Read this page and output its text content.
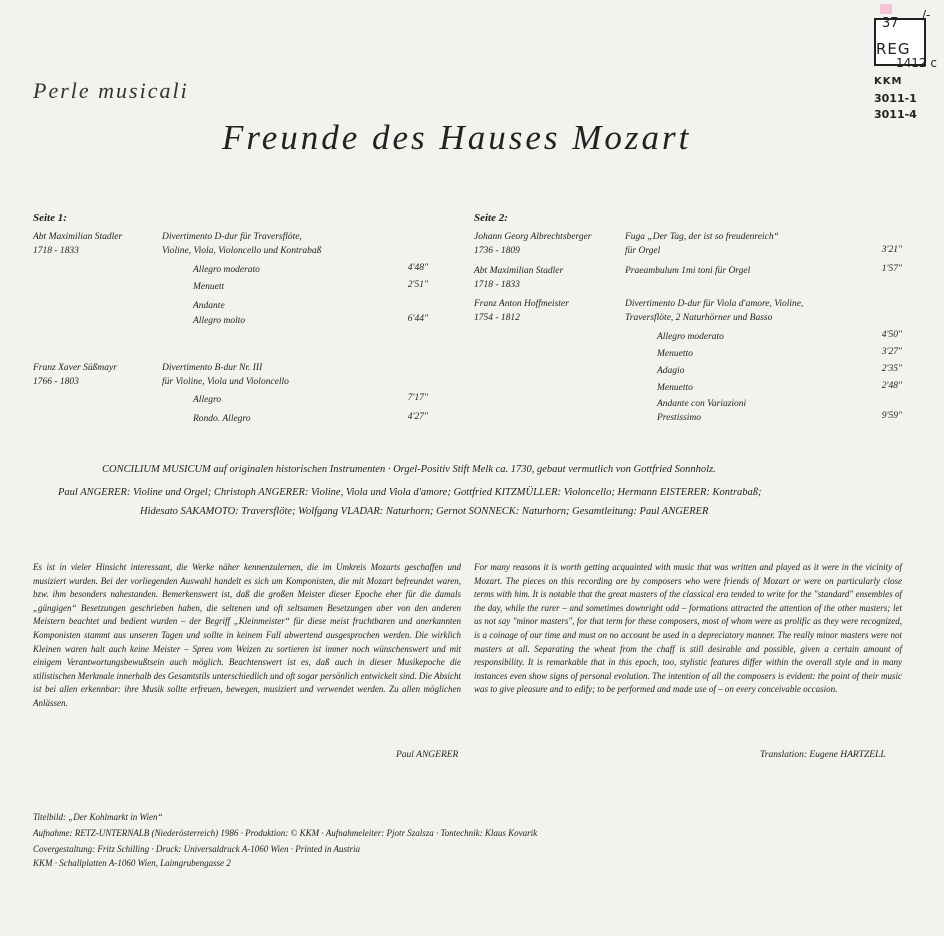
37
/-
REG
1412 c
KKM
3011-1
3011-4
Perle musicali
Freunde des Hauses Mozart
Seite 1:
Abt Maximilian Stadler
1718 - 1833
Divertimento D-dur für Traversflöte,
Violine, Viola, Violoncello und Kontrabaß
Allegro moderato	4'48"
Menuett	2'51"
Andante
Allegro molto	6'44"
Franz Xaver Süßmayr
1766 - 1803
Divertimento B-dur Nr. III
für Violine, Viola und Violoncello
Allegro	7'17"
Rondo. Allegro	4'27"
Seite 2:
Johann Georg Albrechtsberger
1736 - 1809
Fuga „Der Tag, der ist so freudenreich“
für Orgel	3'21"
Abt Maximilian Stadler
1718 - 1833
Praeambulum 1mi toni für Orgel	1'57"
Franz Anton Hoffmeister
1754 - 1812
Divertimento D-dur für Viola d'amore, Violine,
Traversflöte, 2 Naturhörner und Basso
Allegro moderato	4'50"
Menuetto	3'27"
Adagio	2'35"
Menuetto	2'48"
Andante con Variazioni
Prestissimo	9'59"
CONCILIUM MUSICUM auf originalen historischen Instrumenten · Orgel-Positiv Stift Melk ca. 1730, gebaut vermutlich von Gottfried Sonnholz.
Paul ANGERER: Violine und Orgel; Christoph ANGERER: Violine, Viola und Viola d'amore; Gottfried KITZMÜLLER: Violoncello; Hermann EISTERER: Kontrabaß;
Hidesato SAKAMOTO: Traversflöte; Wolfgang VLADAR: Naturhorn; Gernot SONNECK: Naturhorn; Gesamtleitung: Paul ANGERER
Es ist in vieler Hinsicht interessant, die Werke näher kennenzulernen, die im Umkreis Mozarts geschaffen und musiziert wurden. Bei der vorliegenden Auswahl handelt es sich um Komponisten, die mit Mozart befreundet waren, bzw. ihm besonders nahestanden. Bemerkenswert ist, daß die großen Meister dieser Epoche eher für die damals „gängigen“ Besetzungen geschrieben haben, die seltenen und oft seltsamen Besetzungen aber von den anderen Meistern beachtet und bedient wurden – der Begriff „Kleinmeister“ für diese meist fruchtbaren und anerkannten Komponisten stammt aus unseren Tagen und sollte in keinem Fall abwertend ausgesprochen werden. Die wirklich Kleinen waren halt auch keine Meister – Spreu vom Weizen zu sortieren ist immer noch wünschenswert und mit einigem Verantwortungsbewußtsein auch möglich. Beachtenswert ist es, daß auch in dieser Musikepoche die stilistischen Merkmale innerhalb des Gesamtstils unterschiedlich und oft sogar persönlich entwickelt sind. Die Absicht ist bei allen erkennbar: ihre Musik sollte erfreuen, bewegen, musiziert und verwendet werden. Zu allen möglichen Anlässen.
Paul ANGERER
For many reasons it is worth getting acquainted with music that was written and played as it were in the vicinity of Mozart. The pieces on this recording are by composers who were friends of Mozart or were on particularly close terms with him. It is notable that the great masters of the classical era tended to write for the "standard" ensembles of the day, while the rarer – and sometimes downright odd – formations attracted the attention of the other masters; let us not say "minor masters", for that term for these composers, most of whom were as prolific as they were recognized, is a coinage of our time and must on no account be used in a depreciatory manner. The really minor masters were not masters at all. Separating the wheat from the chaff is still desirable and possible, given a certain amount of responsibility. It is remarkable that in this epoch, too, stylistic features differ within the overall style and in many instances even show signs of personal evolution. The intention of all the composers is evident: the point of their music was to give pleasure and to edify; to be performed and made use of – on every conceivable occasion.
Translation: Eugene HARTZELL
Titelbild: „Der Kohlmarkt in Wien“
Aufnahme: RETZ-UNTERNALB (Niederösterreich) 1986 · Produktion: © KKM · Aufnahmeleiter: Pjotr Szalsza · Tontechnik: Klaus Kovarik
Covergestaltung: Fritz Schilling · Druck: Universaldruck A-1060 Wien · Printed in Austria
KKM · Schallplatten A-1060 Wien, Laimgrubengasse 2
